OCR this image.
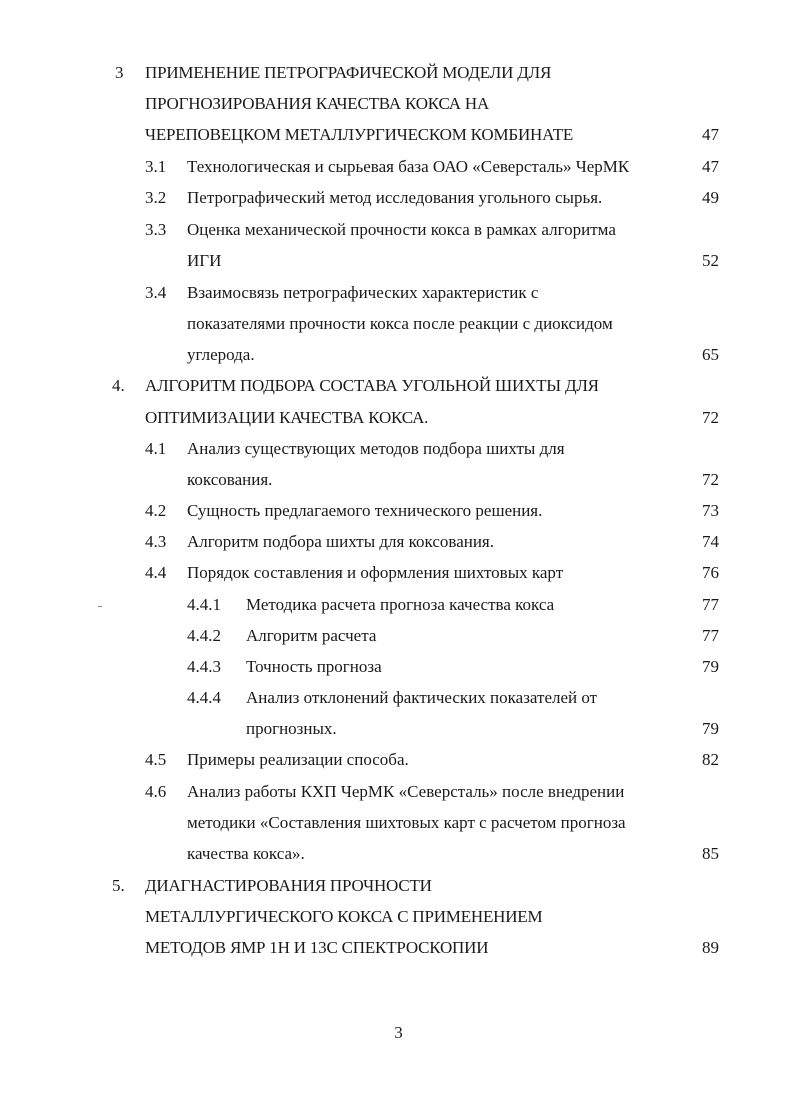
3 ПРИМЕНЕНИЕ ПЕТРОГРАФИЧЕСКОЙ МОДЕЛИ ДЛЯ
ПРОГНОЗИРОВАНИЯ КАЧЕСТВА КОКСА НА
ЧЕРЕПОВЕЦКОМ МЕТАЛЛУРГИЧЕСКОМ КОМБИНАТЕ	47
3.1 Технологическая и сырьевая база ОАО «Северсталь» ЧерМК	47
3.2 Петрографический метод исследования угольного сырья.	49
3.3 Оценка механической прочности кокса в рамках алгоритма
ИГИ	52
3.4 Взаимосвязь петрографических характеристик с
показателями прочности кокса после реакции с диоксидом
углерода.	65
4. АЛГОРИТМ ПОДБОРА СОСТАВА УГОЛЬНОЙ ШИХТЫ ДЛЯ
ОПТИМИЗАЦИИ КАЧЕСТВА КОКСА.	72
4.1 Анализ существующих методов подбора шихты для
коксования.	72
4.2 Сущность предлагаемого технического решения.	73
4.3 Алгоритм подбора шихты для коксования.	74
4.4 Порядок составления и оформления шихтовых карт	76
4.4.1 Методика расчета прогноза качества кокса	77
4.4.2 Алгоритм расчета	77
4.4.3 Точность прогноза	79
4.4.4 Анализ отклонений фактических показателей от
прогнозных.	79
4.5 Примеры реализации способа.	82
4.6 Анализ работы КХП ЧерМК «Северсталь» после внедрении
методики «Составления шихтовых карт с расчетом прогноза
качества кокса».	85
5. ДИАГНАСТИРОВАНИЯ ПРОЧНОСТИ
МЕТАЛЛУРГИЧЕСКОГО КОКСА С ПРИМЕНЕНИЕМ
МЕТОДОВ ЯМР 1Н И 13С СПЕКТРОСКОПИИ	89
3
